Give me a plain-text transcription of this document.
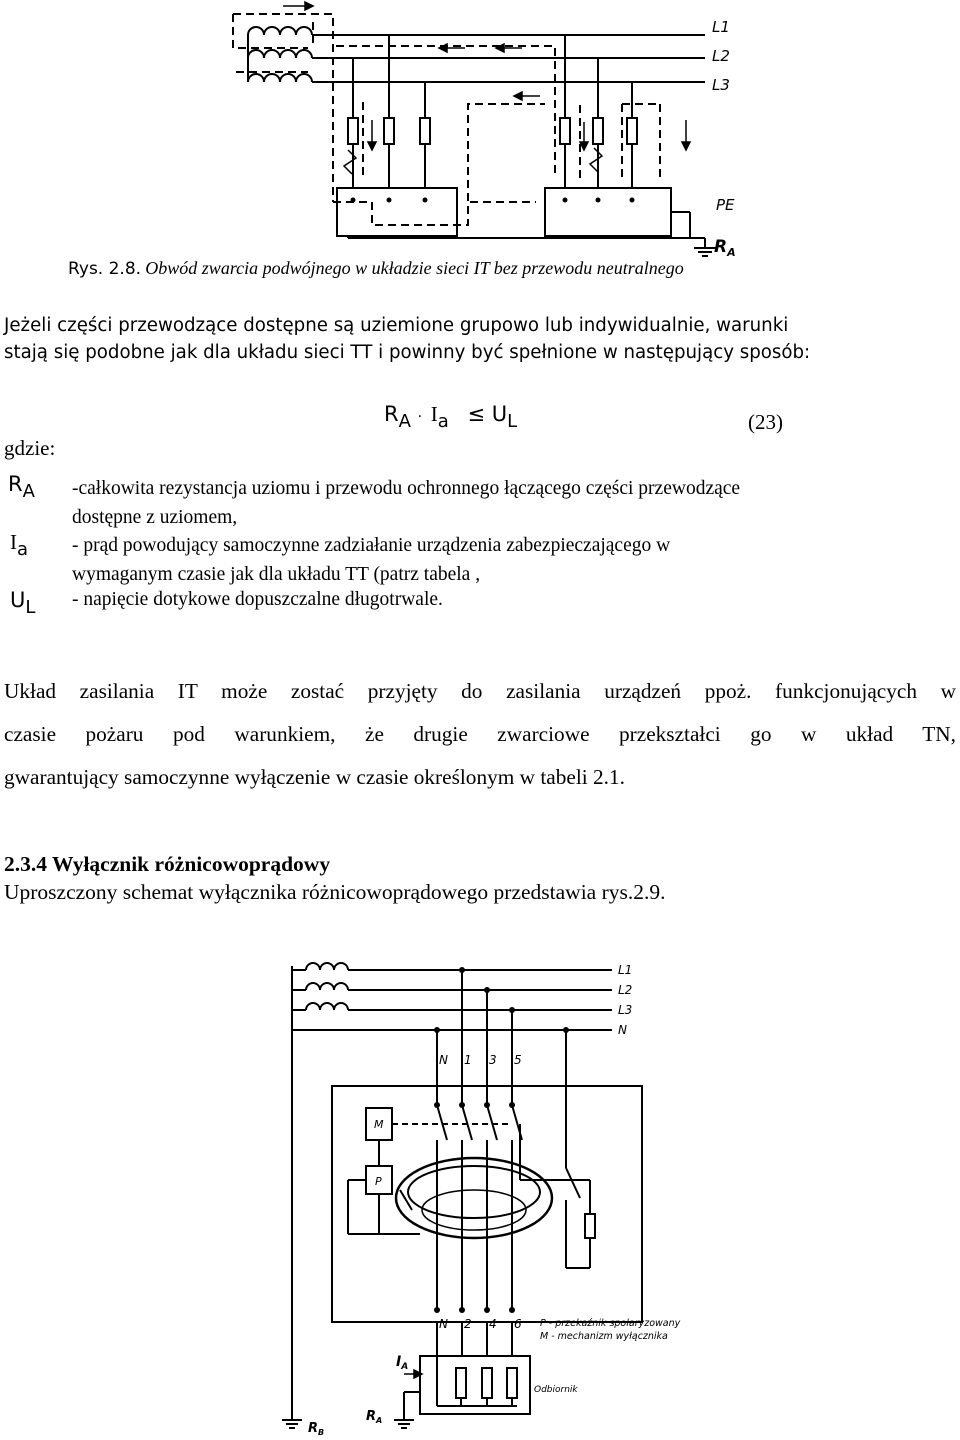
L1
L2
L3
PE
$R_A$
Rys. 2.8. Obwód zwarcia podwójnego w układzie sieci IT bez przewodu neutralnego
Jeżeli części przewodzące dostępne są uziemione grupowo lub indywidualnie, warunki
stają się podobne jak dla układu sieci TT i powinny być spełnione w następujący sposób:
RA · Ia ≤ UL	(23)
gdzie:
RA -całkowita rezystancja uziomu i przewodu ochronnego łączącego części przewodzące
dostępne z uziomem,
Ia - prąd powodujący samoczynne zadziałanie urządzenia zabezpieczającego w
wymaganym czasie jak dla układu TT (patrz tabela ,
UL - napięcie dotykowe dopuszczalne długotrwale.
Układ zasilania IT może zostać przyjęty do zasilania urządzeń ppoż. funkcjonujących w
czasie pożaru pod warunkiem, że drugie zwarciowe przekształci go w układ TN,
gwarantujący samoczynne wyłączenie w czasie określonym w tabeli 2.1.
2.3.4 Wyłącznik różnicowoprądowy
Uproszczony schemat wyłącznika różnicowoprądowego przedstawia rys.2.9.
L1
L2
L3
N
N 1 3 5
N 2 4 6
M
P
P - przekaźnik spolaryzowany
M - mechanizm wyłącznika
Odbiornik
$I_A$
$R_B$
$R_A$
